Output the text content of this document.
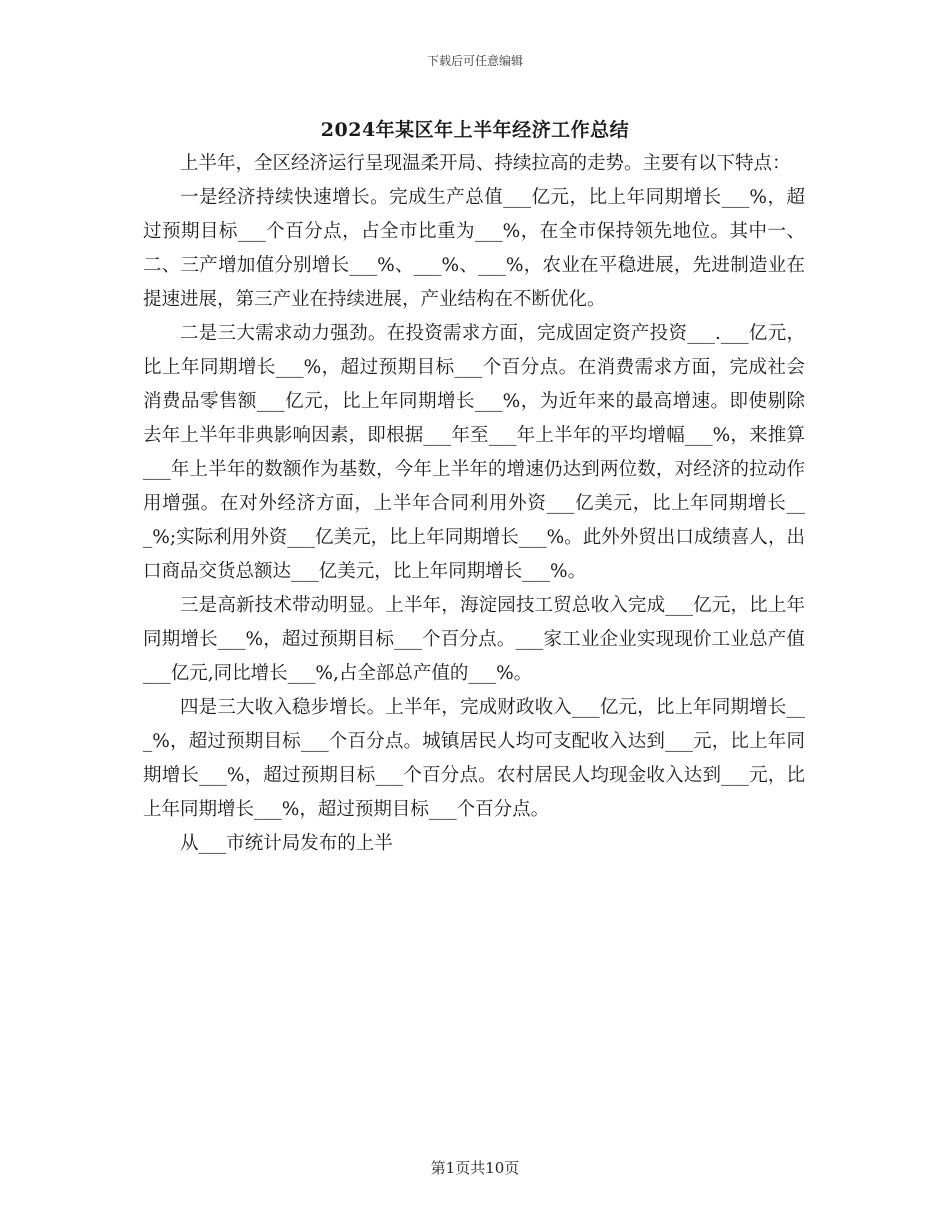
下载后可任意编辑
2024年某区年上半年经济工作总结

上半年，全区经济运行呈现温柔开局、持续拉高的走势。主要有以下特点：

一是经济持续快速增长。完成生产总值___亿元，比上年同期增长___%，超过预期目标___个百分点，占全市比重为___%，在全市保持领先地位。其中一、二、三产增加值分别增长___%、___%、___%，农业在平稳进展，先进制造业在提速进展，第三产业在持续进展，产业结构在不断优化。

二是三大需求动力强劲。在投资需求方面，完成固定资产投资___.___亿元，比上年同期增长___%，超过预期目标___个百分点。在消费需求方面，完成社会消费品零售额___亿元，比上年同期增长___%，为近年来的最高增速。即使剔除去年上半年非典影响因素，即根据___年至___年上半年的平均增幅___%，来推算___年上半年的数额作为基数，今年上半年的增速仍达到两位数，对经济的拉动作用增强。在对外经济方面，上半年合同利用外资___亿美元，比上年同期增长___%;实际利用外资___亿美元，比上年同期增长___%。此外外贸出口成绩喜人，出口商品交货总额达___亿美元，比上年同期增长___%。

三是高新技术带动明显。上半年，海淀园技工贸总收入完成___亿元，比上年同期增长___%，超过预期目标___个百分点。___家工业企业实现现价工业总产值___亿元,同比增长___%,占全部总产值的___%。

四是三大收入稳步增长。上半年，完成财政收入___亿元，比上年同期增长___%，超过预期目标___个百分点。城镇居民人均可支配收入达到___元，比上年同期增长___%，超过预期目标___个百分点。农村居民人均现金收入达到___元，比上年同期增长___%，超过预期目标___个百分点。

从___市统计局发布的上半

第1页共10页
